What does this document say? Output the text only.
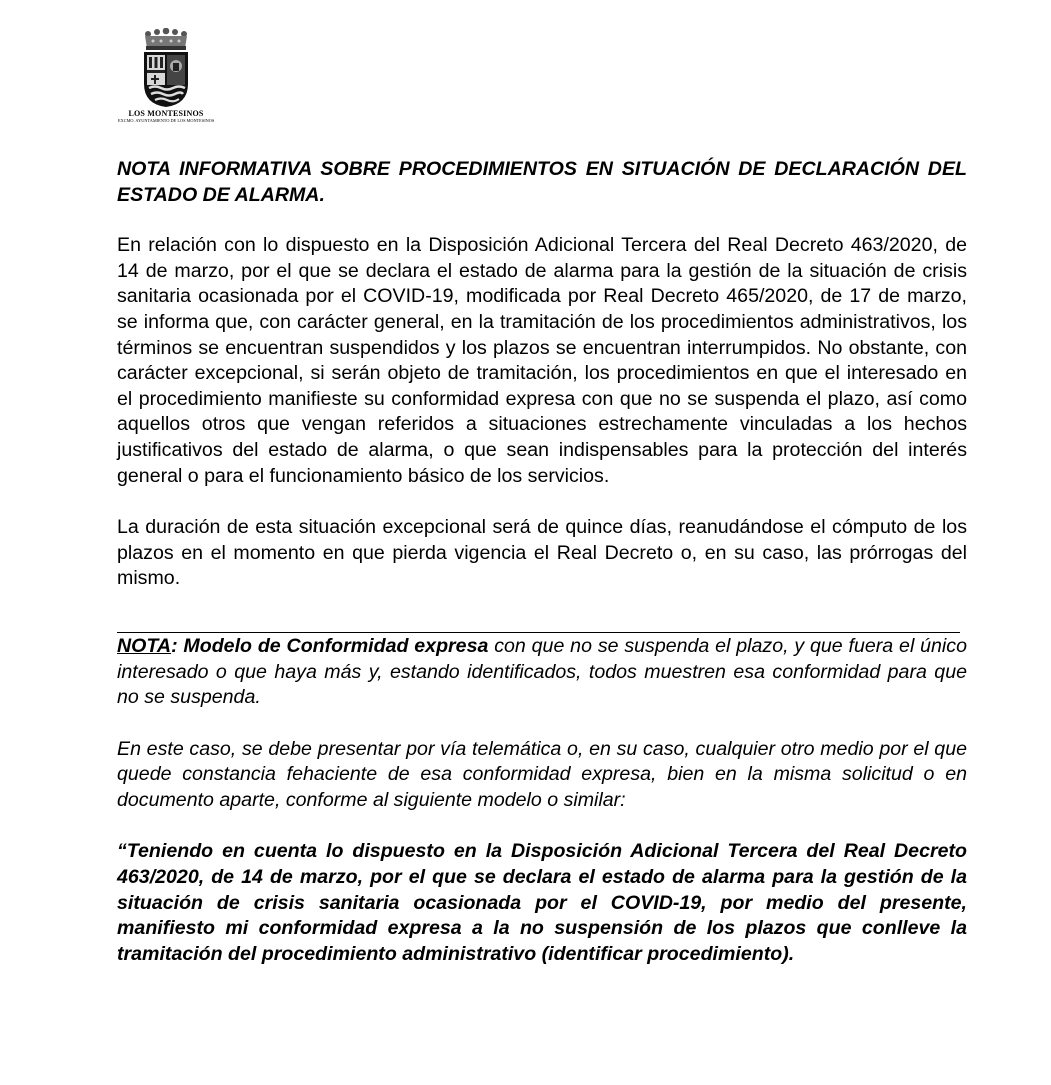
LOS MONTESINOS
EXCMO. AYUNTAMIENTO DE LOS MONTESINOS

NOTA INFORMATIVA SOBRE PROCEDIMIENTOS EN SITUACIÓN DE DECLARACIÓN DEL ESTADO DE ALARMA.

En relación con lo dispuesto en la Disposición Adicional Tercera del Real Decreto 463/2020, de 14 de marzo, por el que se declara el estado de alarma para la gestión de la situación de crisis sanitaria ocasionada por el COVID-19, modificada por Real Decreto 465/2020, de 17 de marzo, se informa que, con carácter general, en la tramitación de los procedimientos administrativos, los términos se encuentran suspendidos y los plazos se encuentran interrumpidos. No obstante, con carácter excepcional, si serán objeto de tramitación, los procedimientos en que el interesado en el procedimiento manifieste su conformidad expresa con que no se suspenda el plazo, así como aquellos otros que vengan referidos a situaciones estrechamente vinculadas a los hechos justificativos del estado de alarma, o que sean indispensables para la protección del interés general o para el funcionamiento básico de los servicios.

La duración de esta situación excepcional será de quince días, reanudándose el cómputo de los plazos en el momento en que pierda vigencia el Real Decreto o, en su caso, las prórrogas del mismo.

NOTA: Modelo de Conformidad expresa con que no se suspenda el plazo, y que fuera el único interesado o que haya más y, estando identificados, todos muestren esa conformidad para que no se suspenda.

En este caso, se debe presentar por vía telemática o, en su caso, cualquier otro medio por el que quede constancia fehaciente de esa conformidad expresa, bien en la misma solicitud o en documento aparte, conforme al siguiente modelo o similar:

“Teniendo en cuenta lo dispuesto en la Disposición Adicional Tercera del Real Decreto 463/2020, de 14 de marzo, por el que se declara el estado de alarma para la gestión de la situación de crisis sanitaria ocasionada por el COVID-19, por medio del presente, manifiesto mi conformidad expresa a la no suspensión de los plazos que conlleve la tramitación del procedimiento administrativo (identificar procedimiento).
